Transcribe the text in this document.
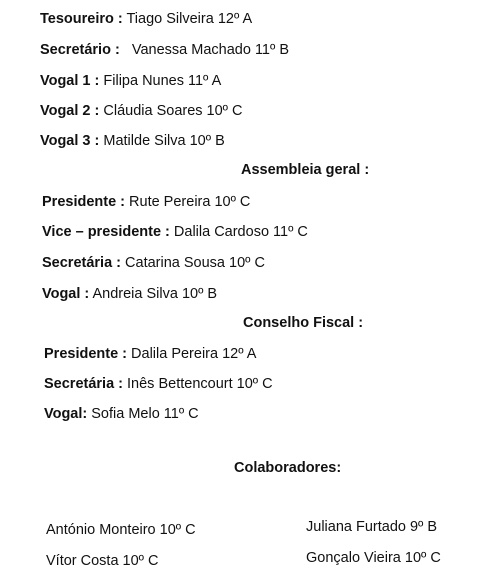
Tesoureiro : Tiago Silveira 12º A
Secretário :   Vanessa Machado 11º B
Vogal 1 : Filipa Nunes 11º A
Vogal 2 : Cláudia Soares 10º C
Vogal 3 : Matilde Silva 10º B
Assembleia geral :
Presidente : Rute Pereira 10º C
Vice – presidente : Dalila Cardoso 11º C
Secretária : Catarina Sousa 10º C
Vogal : Andreia Silva 10º B
Conselho Fiscal :
Presidente : Dalila Pereira 12º A
Secretária : Inês Bettencourt 10º C
Vogal: Sofia Melo 11º C
Colaboradores:
António Monteiro 10º C
Vítor Costa 10º C
Juliana Furtado 9º B
Gonçalo Vieira 10º C
